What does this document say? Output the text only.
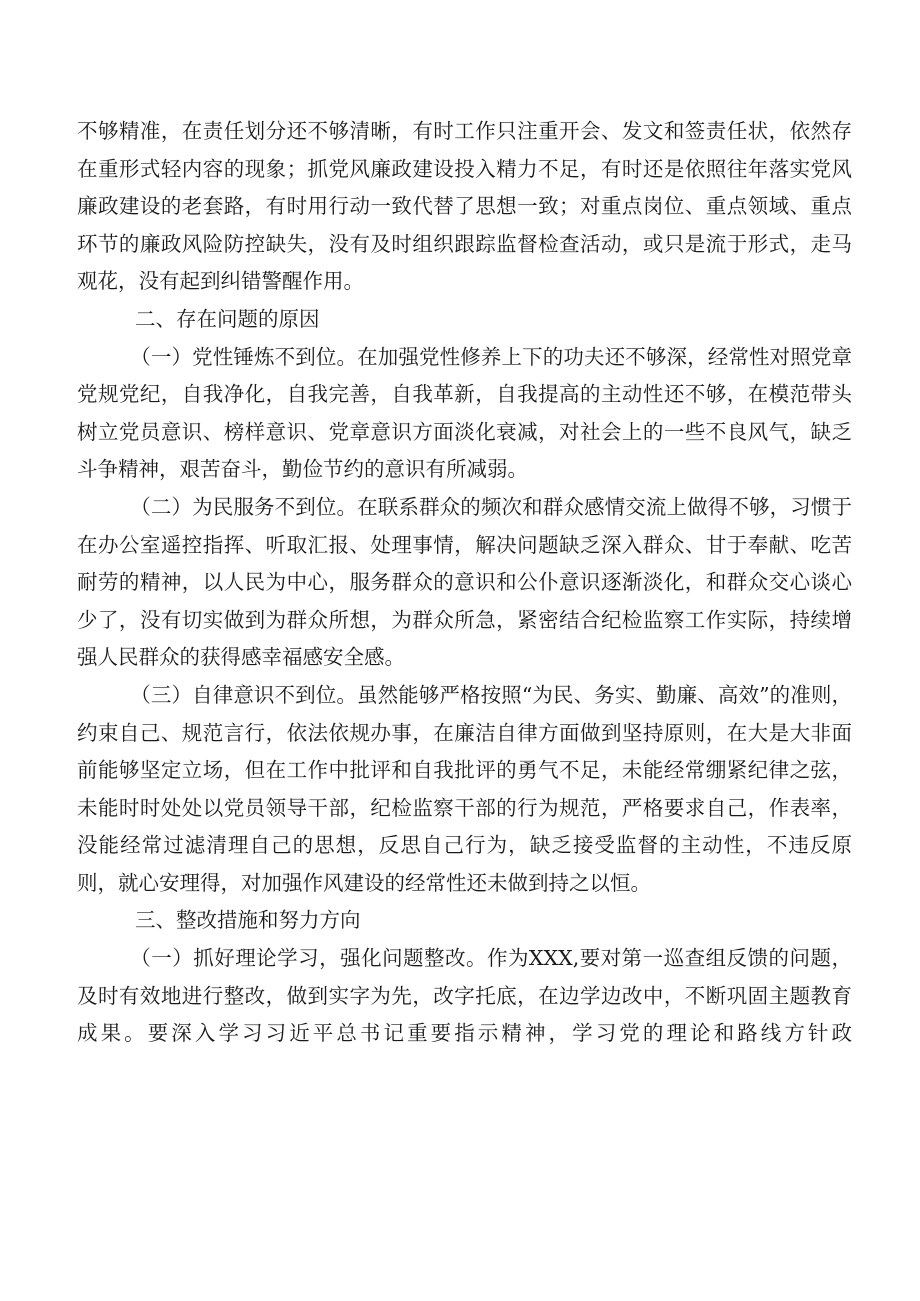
不够精准，在责任划分还不够清晰，有时工作只注重开会、发文和签责任状，依然存在重形式轻内容的现象；抓党风廉政建设投入精力不足，有时还是依照往年落实党风廉政建设的老套路，有时用行动一致代替了思想一致；对重点岗位、重点领域、重点环节的廉政风险防控缺失，没有及时组织跟踪监督检查活动，或只是流于形式，走马观花，没有起到纠错警醒作用。

二、存在问题的原因

（一）党性锤炼不到位。在加强党性修养上下的功夫还不够深，经常性对照党章党规党纪，自我净化，自我完善，自我革新，自我提高的主动性还不够，在模范带头树立党员意识、榜样意识、党章意识方面淡化衰减，对社会上的一些不良风气，缺乏斗争精神，艰苦奋斗，勤俭节约的意识有所减弱。

（二）为民服务不到位。在联系群众的频次和群众感情交流上做得不够，习惯于在办公室遥控指挥、听取汇报、处理事情，解决问题缺乏深入群众、甘于奉献、吃苦耐劳的精神，以人民为中心，服务群众的意识和公仆意识逐渐淡化，和群众交心谈心少了，没有切实做到为群众所想，为群众所急，紧密结合纪检监察工作实际，持续增强人民群众的获得感幸福感安全感。

（三）自律意识不到位。虽然能够严格按照“为民、务实、勤廉、高效”的准则，约束自己、规范言行，依法依规办事，在廉洁自律方面做到坚持原则，在大是大非面前能够坚定立场，但在工作中批评和自我批评的勇气不足，未能经常绷紧纪律之弦，未能时时处处以党员领导干部，纪检监察干部的行为规范，严格要求自己，作表率，没能经常过滤清理自己的思想，反思自己行为，缺乏接受监督的主动性，不违反原则，就心安理得，对加强作风建设的经常性还未做到持之以恒。

三、整改措施和努力方向

（一）抓好理论学习，强化问题整改。作为XXX,要对第一巡查组反馈的问题，及时有效地进行整改，做到实字为先，改字托底，在边学边改中，不断巩固主题教育成果。要深入学习习近平总书记重要指示精神，学习党的理论和路线方针政
